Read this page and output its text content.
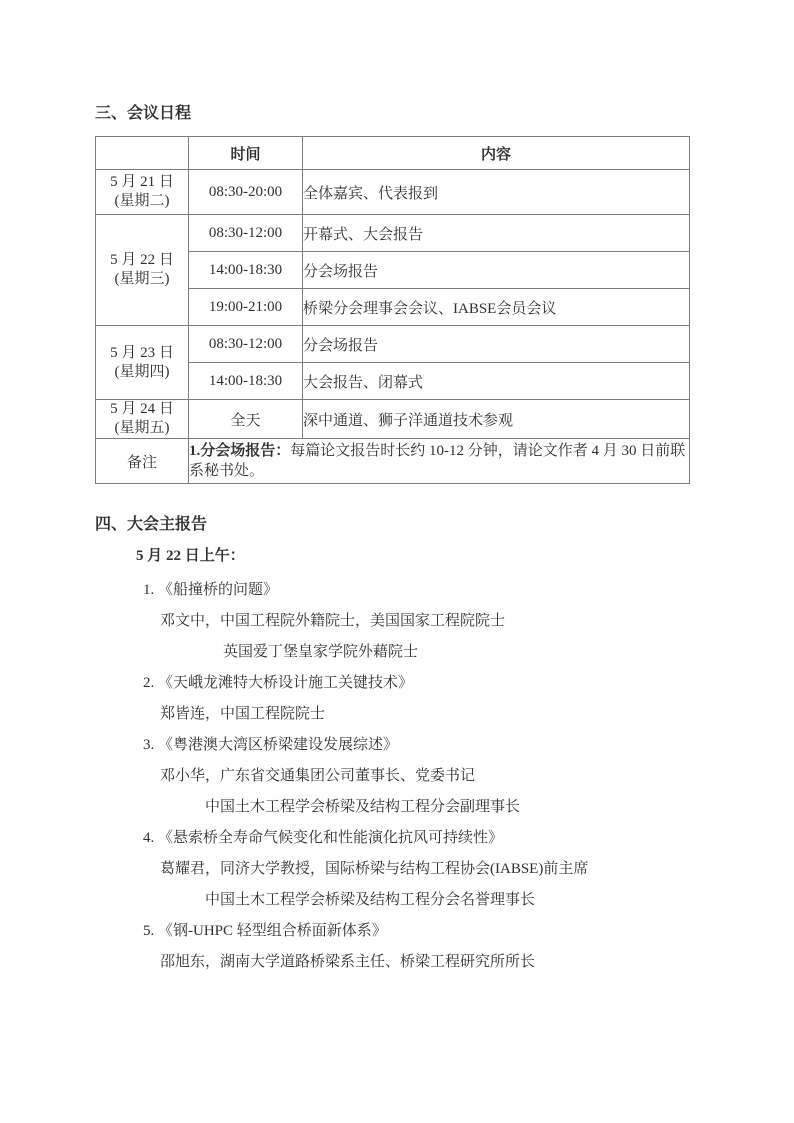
三、会议日程
	时间	内容

5 月 21 日
(星期二)	08:30-20:00	全体嘉宾、代表报到

5 月 22 日
(星期三)	08:30-12:00	开幕式、大会报告
	14:00-18:30	分会场报告
	19:00-21:00	桥梁分会理事会会议、IABSE会员会议

5 月 23 日
(星期四)	08:30-12:00	分会场报告
	14:00-18:30	大会报告、闭幕式

5 月 24 日
(星期五)	全天	深中通道、狮子洋通道技术参观
备注	1.分会场报告：每篇论文报告时长约 10-12 分钟，请论文作者 4 月 30 日前联系秘书处。	
四、大会主报告
5 月 22 日上午：
1. 《船撞桥的问题》
邓文中，中国工程院外籍院士，美国国家工程院院士
英国爱丁堡皇家学院外藉院士
2. 《天峨龙滩特大桥设计施工关键技术》
郑皆连，中国工程院院士
3. 《粤港澳大湾区桥梁建设发展综述》
邓小华，广东省交通集团公司董事长、党委书记
中国土木工程学会桥梁及结构工程分会副理事长
4. 《悬索桥全寿命气候变化和性能演化抗风可持续性》
葛耀君，同济大学教授，国际桥梁与结构工程协会(IABSE)前主席
中国土木工程学会桥梁及结构工程分会名誉理事长
5. 《钢-UHPC 轻型组合桥面新体系》
邵旭东，湖南大学道路桥梁系主任、桥梁工程研究所所长
